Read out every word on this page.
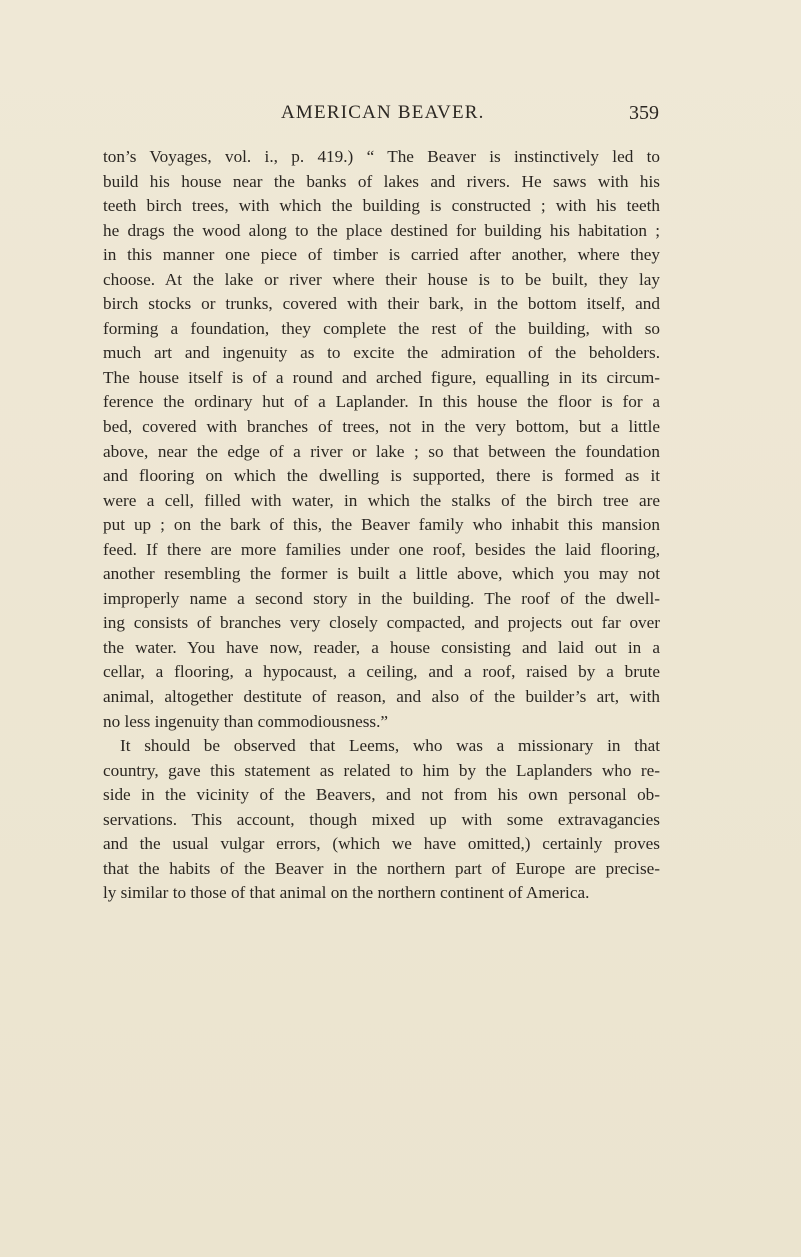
AMERICAN BEAVER.	359
ton’s Voyages, vol. i., p. 419.) “ The Beaver is instinctively led to
build his house near the banks of lakes and rivers. He saws with his
teeth birch trees, with which the building is constructed ; with his teeth
he drags the wood along to the place destined for building his habitation ;
in this manner one piece of timber is carried after another, where they
choose. At the lake or river where their house is to be built, they lay
birch stocks or trunks, covered with their bark, in the bottom itself, and
forming a foundation, they complete the rest of the building, with so
much art and ingenuity as to excite the admiration of the beholders.
The house itself is of a round and arched figure, equalling in its circum-
ference the ordinary hut of a Laplander. In this house the floor is for a
bed, covered with branches of trees, not in the very bottom, but a little
above, near the edge of a river or lake ; so that between the foundation
and flooring on which the dwelling is supported, there is formed as it
were a cell, filled with water, in which the stalks of the birch tree are
put up ; on the bark of this, the Beaver family who inhabit this mansion
feed. If there are more families under one roof, besides the laid flooring,
another resembling the former is built a little above, which you may not
improperly name a second story in the building. The roof of the dwell-
ing consists of branches very closely compacted, and projects out far over
the water. You have now, reader, a house consisting and laid out in a
cellar, a flooring, a hypocaust, a ceiling, and a roof, raised by a brute
animal, altogether destitute of reason, and also of the builder’s art, with
no less ingenuity than commodiousness.”
It should be observed that Leems, who was a missionary in that
country, gave this statement as related to him by the Laplanders who re-
side in the vicinity of the Beavers, and not from his own personal ob-
servations. This account, though mixed up with some extravagancies
and the usual vulgar errors, (which we have omitted,) certainly proves
that the habits of the Beaver in the northern part of Europe are precise-
ly similar to those of that animal on the northern continent of America.
